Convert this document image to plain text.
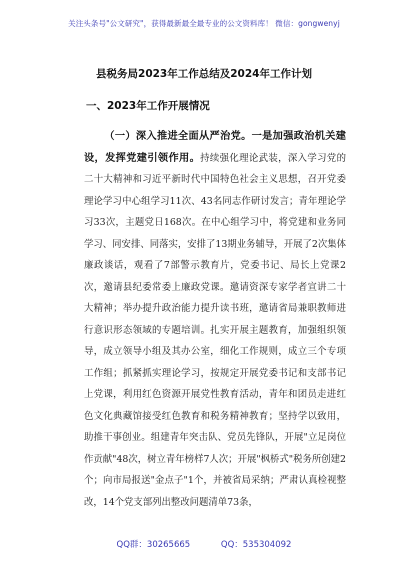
关注头条号"公文研究"，获得最新最全最专业的公文资料库！ 微信：gongwenyj
县税务局2023年工作总结及2024年工作计划
一、2023年工作开展情况
（一）深入推进全面从严治党。一是加强政治机关建设，发挥党建引领作用。持续强化理论武装，深入学习党的二十大精神和习近平新时代中国特色社会主义思想，召开党委理论学习中心组学习11次、43名同志作研讨发言；青年理论学习33次，主题党日168次。在中心组学习中，将党建和业务同学习、同安排、同落实，安排了13期业务辅导，开展了2次集体廉政谈话，观看了7部警示教育片，党委书记、局长上党课2次，邀请县纪委常委上廉政党课。邀请资深专家学者宣讲二十大精神；举办提升政治能力提升读书班，邀请省局兼职教师进行意识形态领域的专题培训。扎实开展主题教育，加强组织领导，成立领导小组及其办公室，细化工作规则，成立三个专项工作组；抓紧抓实理论学习，按规定开展党委书记和支部书记上党课，利用红色资源开展党性教育活动，青年和团员走进红色文化典藏馆接受红色教育和税务精神教育；坚持学以致用，助推干事创业。组建青年突击队、党员先锋队，开展"立足岗位作贡献"48次，树立青年榜样7人次；开展"枫桥式"税务所创建2个；向市局报送"金点子"1个，并被省局采纳；严肃认真检视整改，14个党支部列出整改问题清单73条，
QQ群：30265665	QQ：535304092
